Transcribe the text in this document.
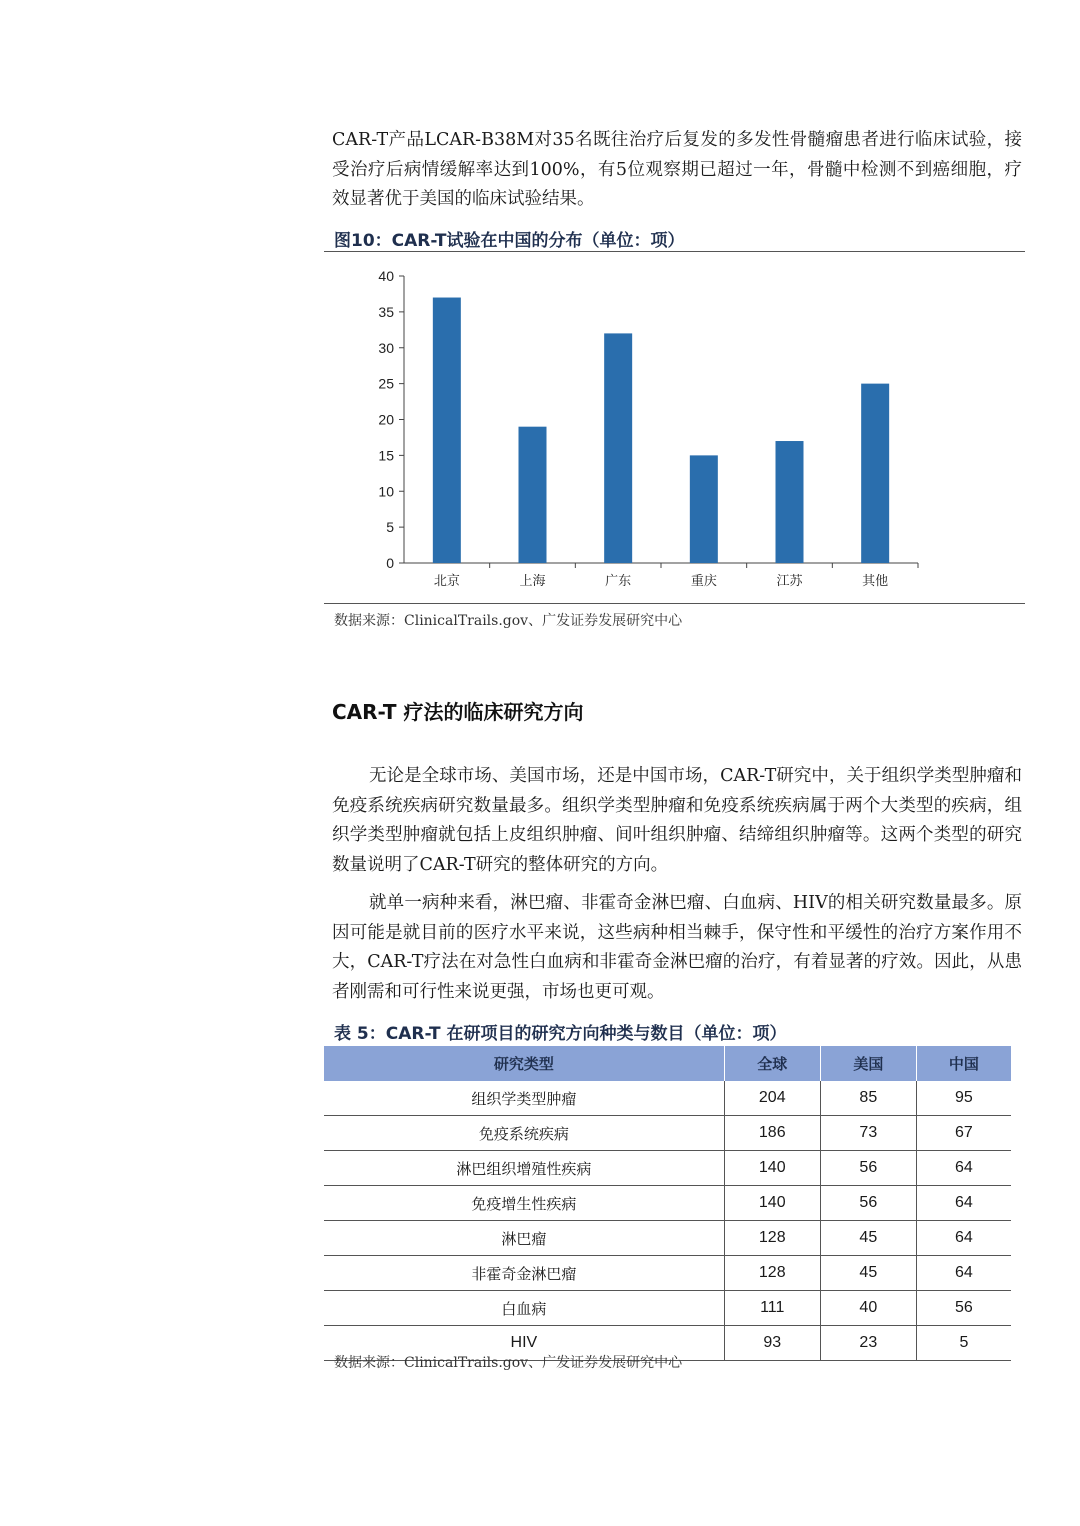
CAR-T产品LCAR-B38M对35名既往治疗后复发的多发性骨髓瘤患者进行临床试验，接受治疗后病情缓解率达到100%，有5位观察期已超过一年，骨髓中检测不到癌细胞，疗效显著优于美国的临床试验结果。

图10：CAR-T试验在中国的分布（单位：项）

0
5
10
15
20
25
30
35
40
北京	上海	广东	重庆	江苏	其他

数据来源：ClinicalTrails.gov、广发证券发展研究中心

CAR-T 疗法的临床研究方向

无论是全球市场、美国市场，还是中国市场，CAR-T研究中，关于组织学类型肿瘤和免疫系统疾病研究数量最多。组织学类型肿瘤和免疫系统疾病属于两个大类型的疾病，组织学类型肿瘤就包括上皮组织肿瘤、间叶组织肿瘤、结缔组织肿瘤等。这两个类型的研究数量说明了CAR-T研究的整体研究的方向。

就单一病种来看，淋巴瘤、非霍奇金淋巴瘤、白血病、HIV的相关研究数量最多。原因可能是就目前的医疗水平来说，这些病种相当棘手，保守性和平缓性的治疗方案作用不大，CAR-T疗法在对急性白血病和非霍奇金淋巴瘤的治疗，有着显著的疗效。因此，从患者刚需和可行性来说更强，市场也更可观。

表 5：CAR-T 在研项目的研究方向种类与数目（单位：项）

研究类型	全球	美国	中国
组织学类型肿瘤	204	85	95
免疫系统疾病	186	73	67
淋巴组织增殖性疾病	140	56	64
免疫增生性疾病	140	56	64
淋巴瘤	128	45	64
非霍奇金淋巴瘤	128	45	64
白血病	111	40	56
HIV	93	23	5

数据来源：ClinicalTrails.gov、广发证券发展研究中心
